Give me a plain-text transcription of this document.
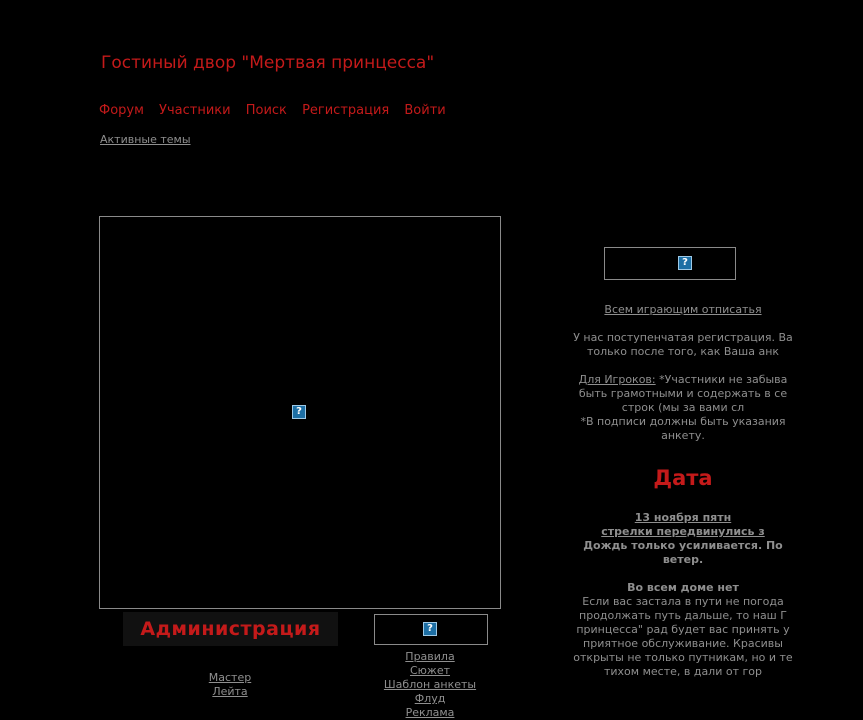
Гостиный двор "Мертвая принцесса"
Форум Участники Поиск Регистрация Войти
Активные темы
?
Администрация
Мастер
Лейта
?
Правила
Сюжет
Шаблон анкеты
Флуд
Реклама
?

Всем играющим отписатья

У нас поступенчатая регистрация. Ва

только после того, как Ваша анк

Для Игроков: *Участники не забыва

быть грамотными и содержать в се

строк (мы за вами сл

*В подписи должны быть указания

анкету.

Дата

13 ноября пятн

стрелки передвинулись з

Дождь только усиливается. По

ветер.

Во всем доме нет

Если вас застала в пути не погода

продолжать путь дальше, то наш Г

принцесса" рад будет вас принять у

приятное обслуживание. Красивы

открыты не только путникам, но и те

тихом месте, в дали от гор
